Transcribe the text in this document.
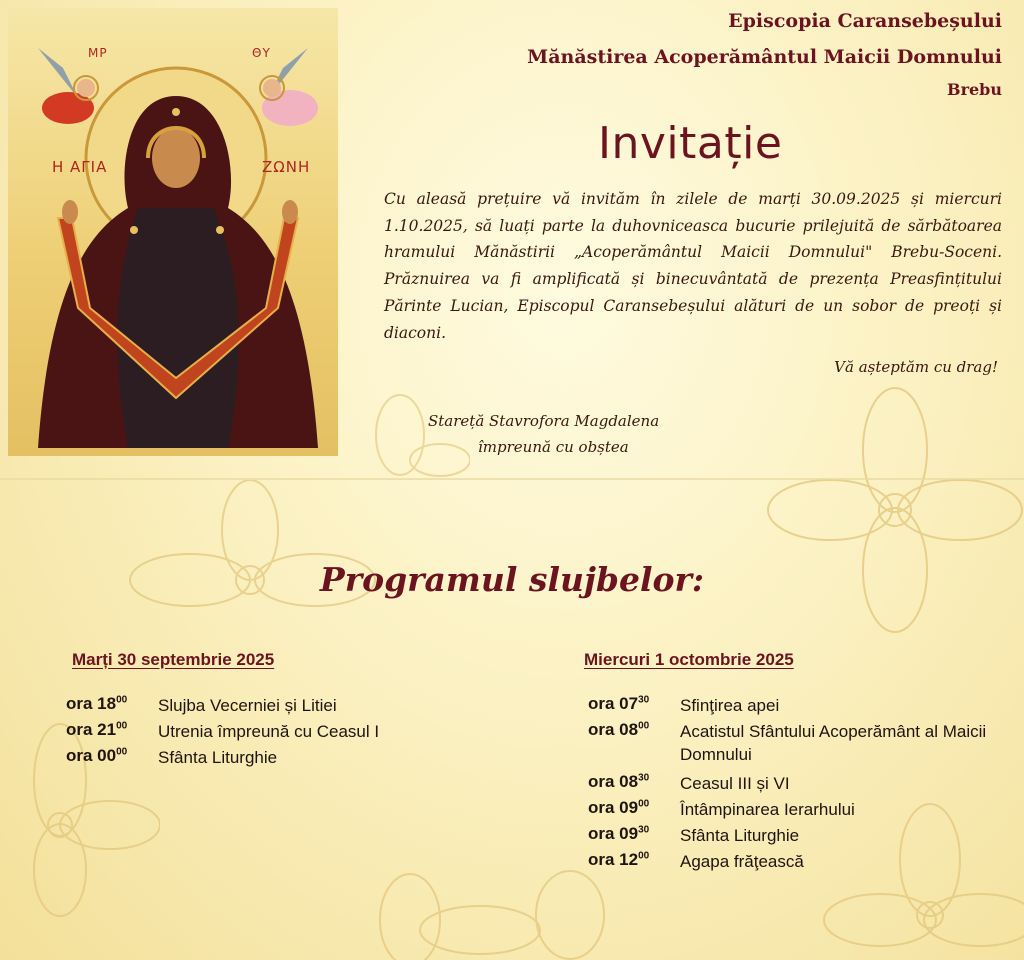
MP	ΘY
Η ΑΓΙΑ	ΖΩΝΗ
Episcopia Caransebeșului
Mănăstirea Acoperământul Maicii Domnului
Brebu
Invitație
Cu aleasă prețuire vă invităm în zilele de marți 30.09.2025 și miercuri 1.10.2025, să luați parte la duhovniceasca bucurie prilejuită de sărbătoarea hramului Mănăstirii „Acoperământul Maicii Domnului" Brebu-Soceni. Prăznuirea va fi amplificată și binecuvântată de prezența Preasfințitului Părinte Lucian, Episcopul Caransebeșului alături de un sobor de preoți și diaconi.
Vă așteptăm cu drag!
Stareță Stavrofora Magdalena
împreună cu obștea
Programul slujbelor:
Marți 30 septembrie 2025
ora $18^{00}$	Slujba Vecerniei și Litiei
ora $21^{00}$	Utrenia împreună cu Ceasul I
ora $00^{00}$	Sfânta Liturghie
Miercuri 1 octombrie 2025
ora $07^{30}$	Sfinţirea apei
ora $08^{00}$	Acatistul Sfântului Acoperământ al Maicii Domnului
ora $08^{30}$	Ceasul III și VI
ora $09^{00}$	Întâmpinarea Ierarhului
ora $09^{30}$	Sfânta Liturghie
ora $12^{00}$	Agapa frăţească
